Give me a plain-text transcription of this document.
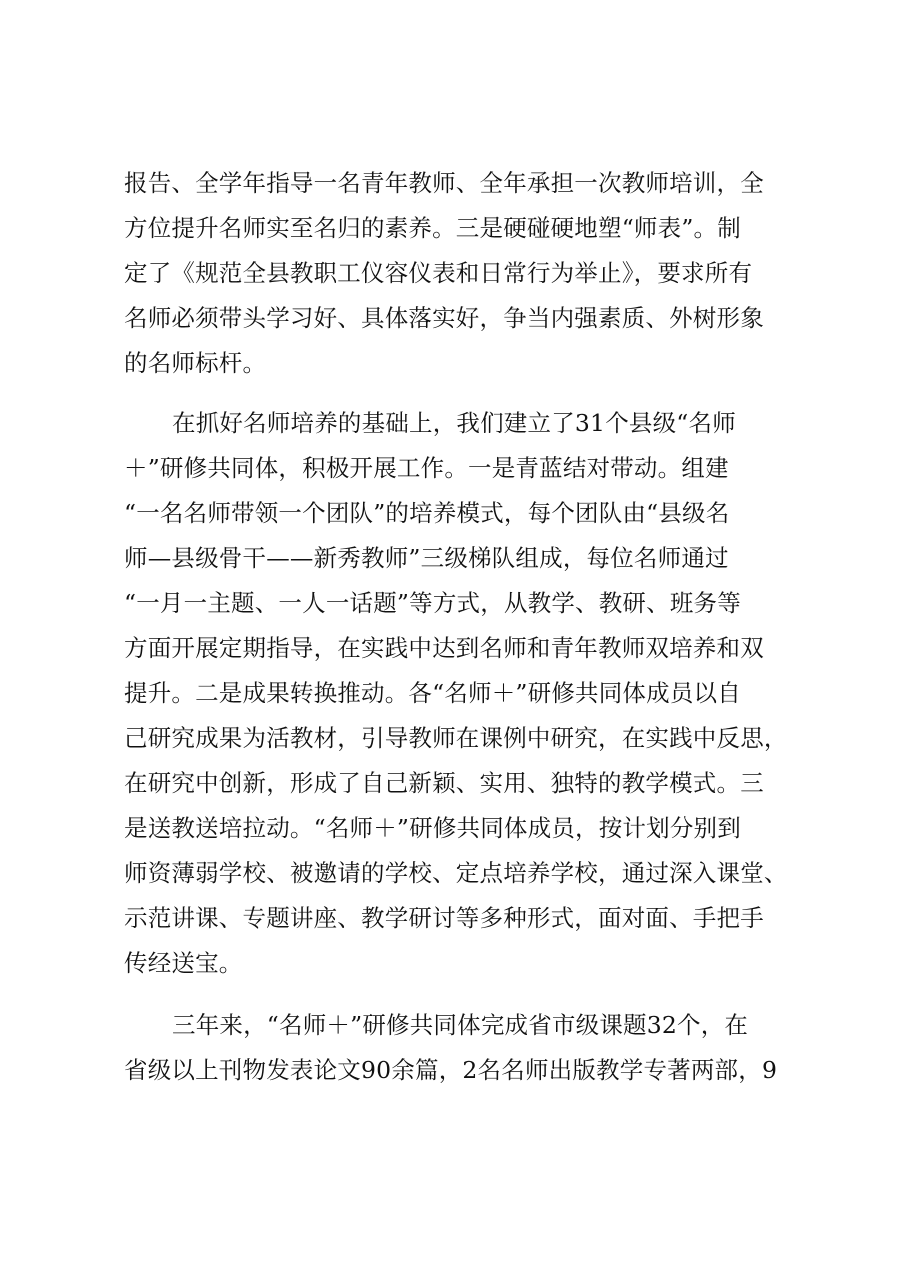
报告、全学年指导一名青年教师、全年承担一次教师培训，全
方位提升名师实至名归的素养。三是硬碰硬地塑“师表”。制
定了《规范全县教职工仪容仪表和日常行为举止》，要求所有
名师必须带头学习好、具体落实好，争当内强素质、外树形象
的名师标杆。
在抓好名师培养的基础上，我们建立了31个县级“名师
＋”研修共同体，积极开展工作。一是青蓝结对带动。组建
“一名名师带领一个团队”的培养模式，每个团队由“县级名
师—县级骨干——新秀教师”三级梯队组成，每位名师通过
“一月一主题、一人一话题”等方式，从教学、教研、班务等
方面开展定期指导，在实践中达到名师和青年教师双培养和双
提升。二是成果转换推动。各“名师＋”研修共同体成员以自
己研究成果为活教材，引导教师在课例中研究，在实践中反思，
在研究中创新，形成了自己新颖、实用、独特的教学模式。三
是送教送培拉动。“名师＋”研修共同体成员，按计划分别到
师资薄弱学校、被邀请的学校、定点培养学校，通过深入课堂、
示范讲课、专题讲座、教学研讨等多种形式，面对面、手把手
传经送宝。
三年来，“名师＋”研修共同体完成省市级课题32个，在
省级以上刊物发表论文90余篇，2名名师出版教学专著两部，9
